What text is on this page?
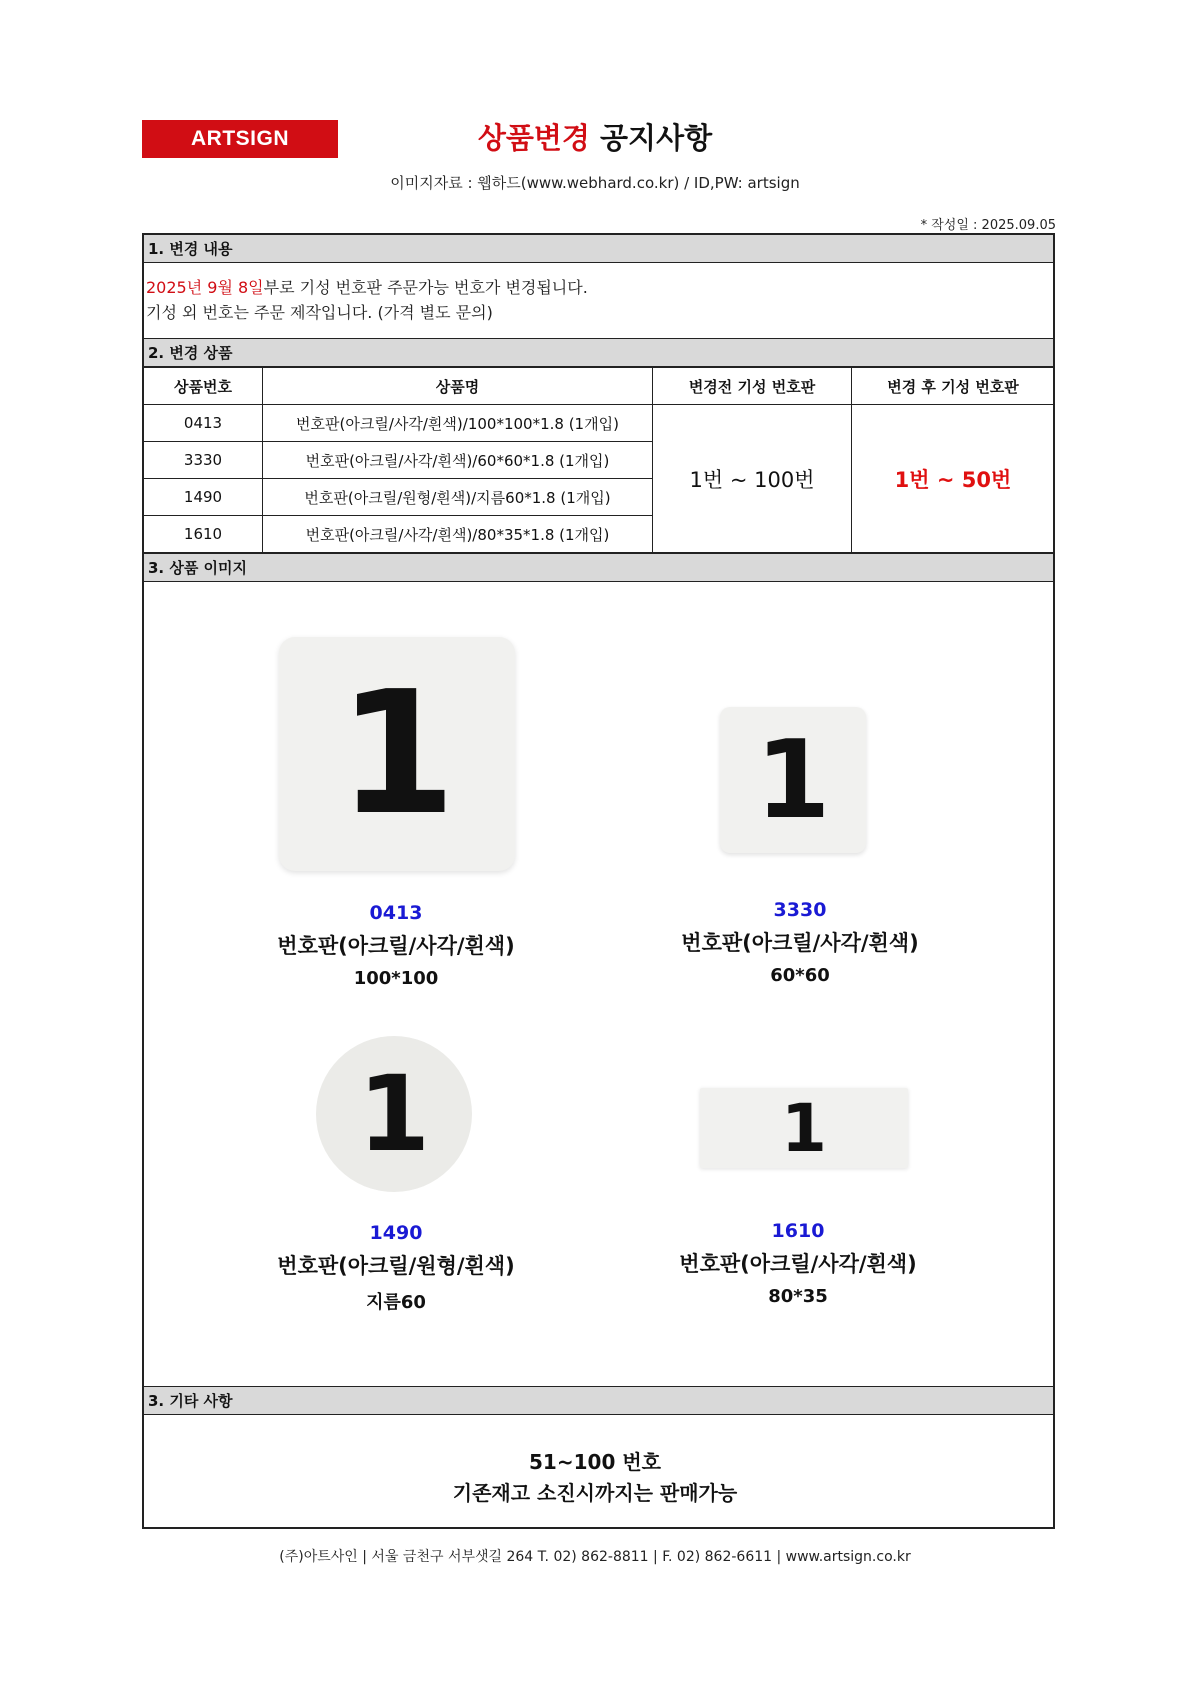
ARTSIGN	상품변경 공지사항
이미지자료 : 웹하드(www.webhard.co.kr) / ID,PW: artsign
* 작성일 : 2025.09.05
1. 변경 내용
2025년 9월 8일부로 기성 번호판 주문가능 번호가 변경됩니다.
기성 외 번호는 주문 제작입니다. (가격 별도 문의)
2. 변경 상품
상품번호	상품명	변경전 기성 번호판	변경 후 기성 번호판
0413	번호판(아크릴/사각/흰색)/100*100*1.8 (1개입)	1번 ~ 100번	1번 ~ 50번
3330	번호판(아크릴/사각/흰색)/60*60*1.8 (1개입)		
1490	번호판(아크릴/원형/흰색)/지름60*1.8 (1개입)		
1610	번호판(아크릴/사각/흰색)/80*35*1.8 (1개입)		
3. 상품 이미지
1	1
1	1
0413
번호판(아크릴/사각/흰색)
100*100
3330
번호판(아크릴/사각/흰색)
60*60
1490
번호판(아크릴/원형/흰색)
지름60
1610
번호판(아크릴/사각/흰색)
80*35
3. 기타 사항
51~100 번호
기존재고 소진시까지는 판매가능
(주)아트사인 | 서울 금천구 서부샛길 264 T. 02) 862-8811 | F. 02) 862-6611 | www.artsign.co.kr
